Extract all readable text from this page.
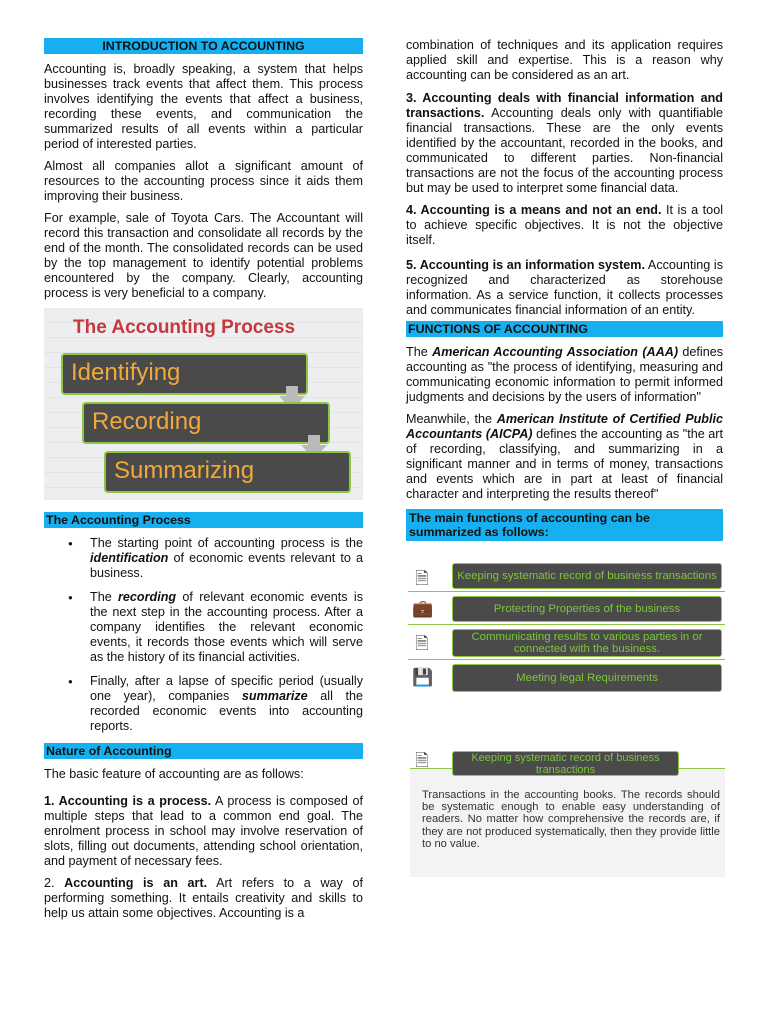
INTRODUCTION TO ACCOUNTING

Accounting is, broadly speaking, a system that helps businesses track events that affect them. This process involves identifying the events that affect a business, recording these events, and communication the summarized results of all events within a particular period of interested parties.

Almost all companies allot a significant amount of resources to the accounting process since it aids them improving their business.

For example, sale of Toyota Cars. The Accountant will record this transaction and consolidate all records by the end of the month. The consolidated records can be used by the top management to identify potential problems encountered by the company. Clearly, accounting process is very beneficial to a company.

The Accounting Process
Identifying
Recording
Summarizing
The Accounting Process
● The starting point of accounting process is the identification of economic events relevant to a business.
● The recording of relevant economic events is the next step in the accounting process. After a company identifies the relevant economic events, it records those events which will serve as the history of its financial activities.
● Finally, after a lapse of specific period (usually one year), companies summarize all the recorded economic events into accounting reports.
Nature of Accounting

The basic feature of accounting are as follows:

1. Accounting is a process. A process is composed of multiple steps that lead to a common end goal. The enrolment process in school may involve reservation of slots, filling out documents, attending school orientation, and payment of necessary fees.

2. Accounting is an art. Art refers to a way of performing something. It entails creativity and skills to help us attain some objectives. Accounting is a

combination of techniques and its application requires applied skill and expertise. This is a reason why accounting can be considered as an art.

3. Accounting deals with financial information and transactions. Accounting deals only with quantifiable financial transactions. These are the only events identified by the accountant, recorded in the books, and communicated to different parties. Non-financial transactions are not the focus of the accounting process but may be used to interpret some financial data.

4. Accounting is a means and not an end. It is a tool to achieve specific objectives. It is not the objective itself.

5. Accounting is an information system. Accounting is recognized and characterized as storehouse information. As a service function, it collects processes and communicates financial information of an entity.

FUNCTIONS OF ACCOUNTING

The American Accounting Association (AAA) defines accounting as "the process of identifying, measuring and communicating economic information to permit informed judgments and decisions by the users of information"

Meanwhile, the American Institute of Certified Public Accountants (AICPA) defines the accounting as "the art of recording, classifying, and summarizing in a significant manner and in terms of money, transactions and events which are in part at least of financial character and interpreting the results thereof"

The main functions of accounting can be summarized as follows:
🗎	Keeping systematic record of business transactions
💼	Protecting Properties of the business
🗎	Communicating results to various parties in or connected with the business.
💾	Meeting legal Requirements
🗎	Keeping systematic record of business transactions
Transactions in the accounting books. The records should be systematic enough to enable easy understanding of readers. No matter how comprehensive the records are, if they are not produced systematically, then they provide little to no value.
